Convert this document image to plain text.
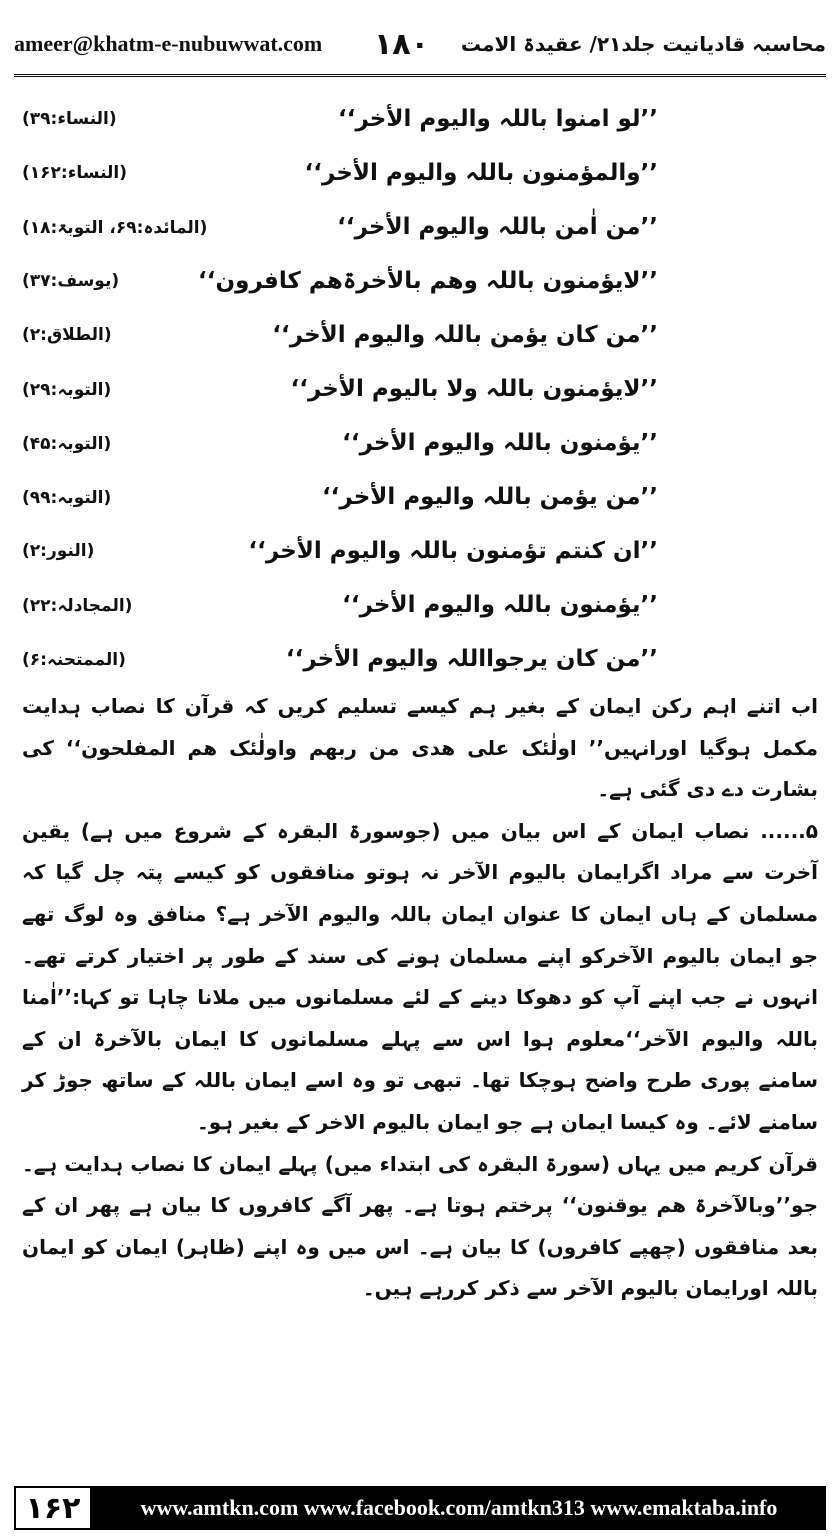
ameer@khatm-e-nubuwwat.com ۱۸۰ محاسبہ قادیانیت جلد۲۱/ عقیدۃ الامت
’’لو امنوا باللہ والیوم الأخر‘‘
(النساء:۳۹)
’’والمؤمنون باللہ والیوم الأخر‘‘
(النساء:۱۶۲)
’’من اٰمن باللہ والیوم الأخر‘‘
(المائدہ:۶۹، التوبۃ:۱۸)
’’لایؤمنون باللہ وھم بالأخرۃھم کافرون‘‘
(یوسف:۳۷)
’’من کان یؤمن باللہ والیوم الأخر‘‘
(الطلاق:۲)
’’لایؤمنون باللہ ولا بالیوم الأخر‘‘
(التوبہ:۲۹)
’’یؤمنون باللہ والیوم الأخر‘‘
(التوبہ:۴۵)
’’من یؤمن باللہ والیوم الأخر‘‘
(التوبہ:۹۹)
’’ان کنتم تؤمنون باللہ والیوم الأخر‘‘
(النور:۲)
’’یؤمنون باللہ والیوم الأخر‘‘
(المجادلہ:۲۲)
’’من کان یرجوااللہ والیوم الأخر‘‘
(الممتحنہ:۶)

اب اتنے اہم رکن ایمان کے بغیر ہم کیسے تسلیم کریں کہ قرآن کا نصاب ہدایت مکمل ہوگیا اورانہیں’’ اولٰئک علی ھدی من ربھم واولٰئک ھم المفلحون‘‘ کی بشارت دے دی گئی ہے۔

۵...... نصاب ایمان کے اس بیان میں (جوسورۃ البقرہ کے شروع میں ہے) یقین آخرت سے مراد اگرایمان بالیوم الآخر نہ ہوتو منافقوں کو کیسے پتہ چل گیا کہ مسلمان کے ہاں ایمان کا عنوان ایمان باللہ والیوم الآخر ہے؟ منافق وہ لوگ تھے جو ایمان بالیوم الآخرکو اپنے مسلمان ہونے کی سند کے طور پر اختیار کرتے تھے۔ انہوں نے جب اپنے آپ کو دھوکا دینے کے لئے مسلمانوں میں ملانا چاہا تو کہا:’’اٰمنا باللہ والیوم الآخر‘‘معلوم ہوا اس سے پہلے مسلمانوں کا ایمان بالآخرۃ ان کے سامنے پوری طرح واضح ہوچکا تھا۔ تبھی تو وہ اسے ایمان باللہ کے ساتھ جوڑ کر سامنے لائے۔ وہ کیسا ایمان ہے جو ایمان بالیوم الاخر کے بغیر ہو۔

قرآن کریم میں یہاں (سورۃ البقرہ کی ابتداء میں) پہلے ایمان کا نصاب ہدایت ہے۔ جو’’وبالآخرۃ ھم یوقنون‘‘ پرختم ہوتا ہے۔ پھر آگے کافروں کا بیان ہے پھر ان کے بعد منافقوں (چھپے کافروں) کا بیان ہے۔ اس میں وہ اپنے (ظاہر) ایمان کو ایمان باللہ اورایمان بالیوم الآخر سے ذکر کررہے ہیں۔

۱۶۲	www.amtkn.com www.facebook.com/amtkn313 www.emaktaba.info
